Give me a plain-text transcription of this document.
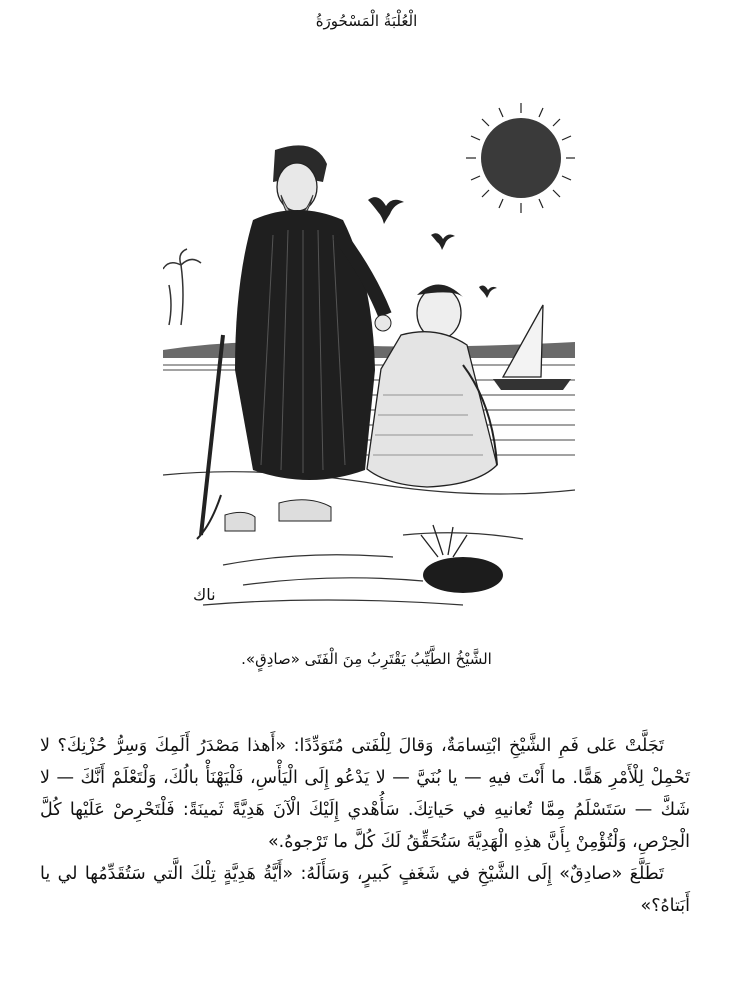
الْعُلْبَةُ الْمَسْحُورَةُ
ناك
الشَّيْخُ الطَّيِّبُ يَقْتَرِبُ مِنَ الْفَتَى «صادِقٍ».

تَجَلَّتْ عَلى فَمِ الشَّيْخِ ابْتِسامَةٌ، وَقالَ لِلْفَتى مُتَوَدِّدًا: «أَهذا مَصْدَرُ أَلَمِكَ وَسِرُّ حُزْنِكَ؟ لا تَحْمِلْ لِلْأَمْرِ هَمًّا. ما أَنْتَ فيهِ — يا بُنَيَّ — لا يَدْعُو إِلَى الْيَأْسِ، فَلْيَهْنَأْ بالُكَ، وَلْتَعْلَمْ أَنَّكَ — لا شَكَّ — سَتَسْلَمُ مِمَّا تُعانيهِ في حَياتِكَ. سَأُهْدي إِلَيْكَ الْآنَ هَدِيَّةً ثَمينَةً: فَلْتَحْرِصْ عَلَيْها كُلَّ الْحِرْصِ، وَلْتُؤْمِنْ بِأَنَّ هذِهِ الْهَدِيَّةَ سَتُحَقِّقُ لَكَ كُلَّ ما تَرْجوهُ.»

تَطَلَّعَ «صادِقٌ» إِلَى الشَّيْخِ في شَغَفٍ كَبيرٍ، وَسَأَلَهُ: «أَيَّةُ هَدِيَّةٍ تِلْكَ الَّتي سَتُقَدِّمُها لي يا أَبَتاهُ؟»
